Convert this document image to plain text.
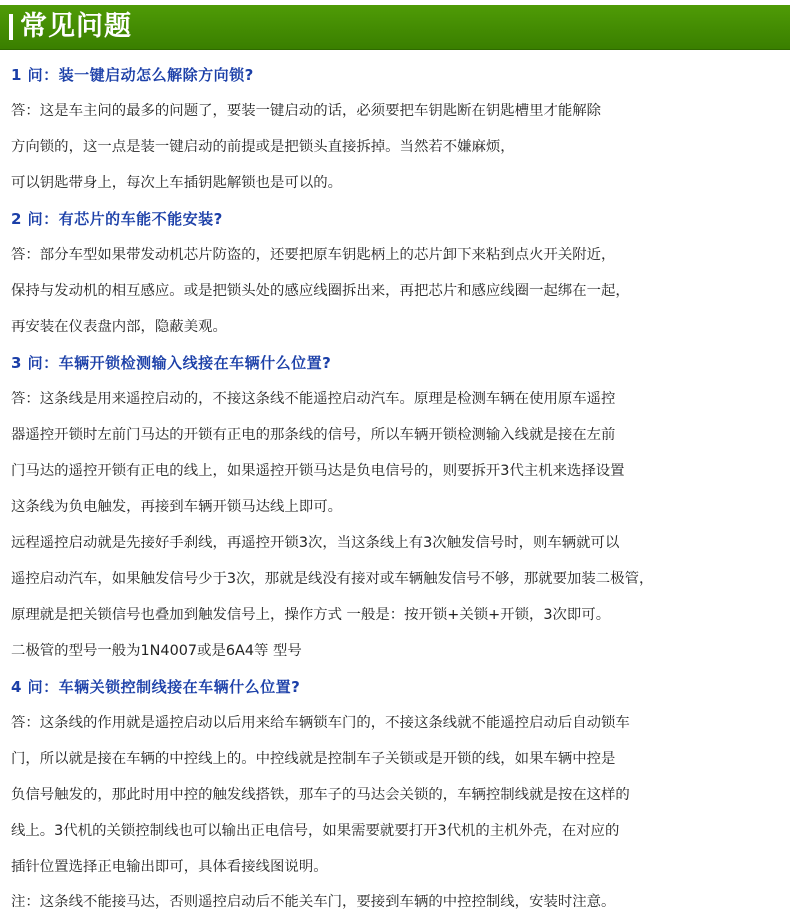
常见问题
1 问：装一键启动怎么解除方向锁?
答：这是车主问的最多的问题了，要装一键启动的话，必须要把车钥匙断在钥匙槽里才能解除
方向锁的，这一点是装一键启动的前提或是把锁头直接拆掉。当然若不嫌麻烦，
可以钥匙带身上，每次上车插钥匙解锁也是可以的。
2 问：有芯片的车能不能安装?
答：部分车型如果带发动机芯片防盗的，还要把原车钥匙柄上的芯片卸下来粘到点火开关附近，
保持与发动机的相互感应。或是把锁头处的感应线圈拆出来，再把芯片和感应线圈一起绑在一起，
再安装在仪表盘内部，隐蔽美观。
3 问：车辆开锁检测输入线接在车辆什么位置?
答：这条线是用来遥控启动的，不接这条线不能遥控启动汽车。原理是检测车辆在使用原车遥控
器遥控开锁时左前门马达的开锁有正电的那条线的信号，所以车辆开锁检测输入线就是接在左前
门马达的遥控开锁有正电的线上，如果遥控开锁马达是负电信号的，则要拆开3代主机来选择设置
这条线为负电触发，再接到车辆开锁马达线上即可。
远程遥控启动就是先接好手刹线，再遥控开锁3次，当这条线上有3次触发信号时，则车辆就可以
遥控启动汽车，如果触发信号少于3次，那就是线没有接对或车辆触发信号不够，那就要加装二极管，
原理就是把关锁信号也叠加到触发信号上，操作方式 一般是：按开锁+关锁+开锁，3次即可。
二极管的型号一般为1N4007或是6A4等 型号
4 问：车辆关锁控制线接在车辆什么位置?
答：这条线的作用就是遥控启动以后用来给车辆锁车门的，不接这条线就不能遥控启动后自动锁车
门，所以就是接在车辆的中控线上的。中控线就是控制车子关锁或是开锁的线，如果车辆中控是
负信号触发的，那此时用中控的触发线搭铁，那车子的马达会关锁的，车辆控制线就是按在这样的
线上。3代机的关锁控制线也可以输出正电信号，如果需要就要打开3代机的主机外壳，在对应的
插针位置选择正电输出即可，具体看接线图说明。
注：这条线不能接马达，否则遥控启动后不能关车门，要接到车辆的中控控制线，安装时注意。
